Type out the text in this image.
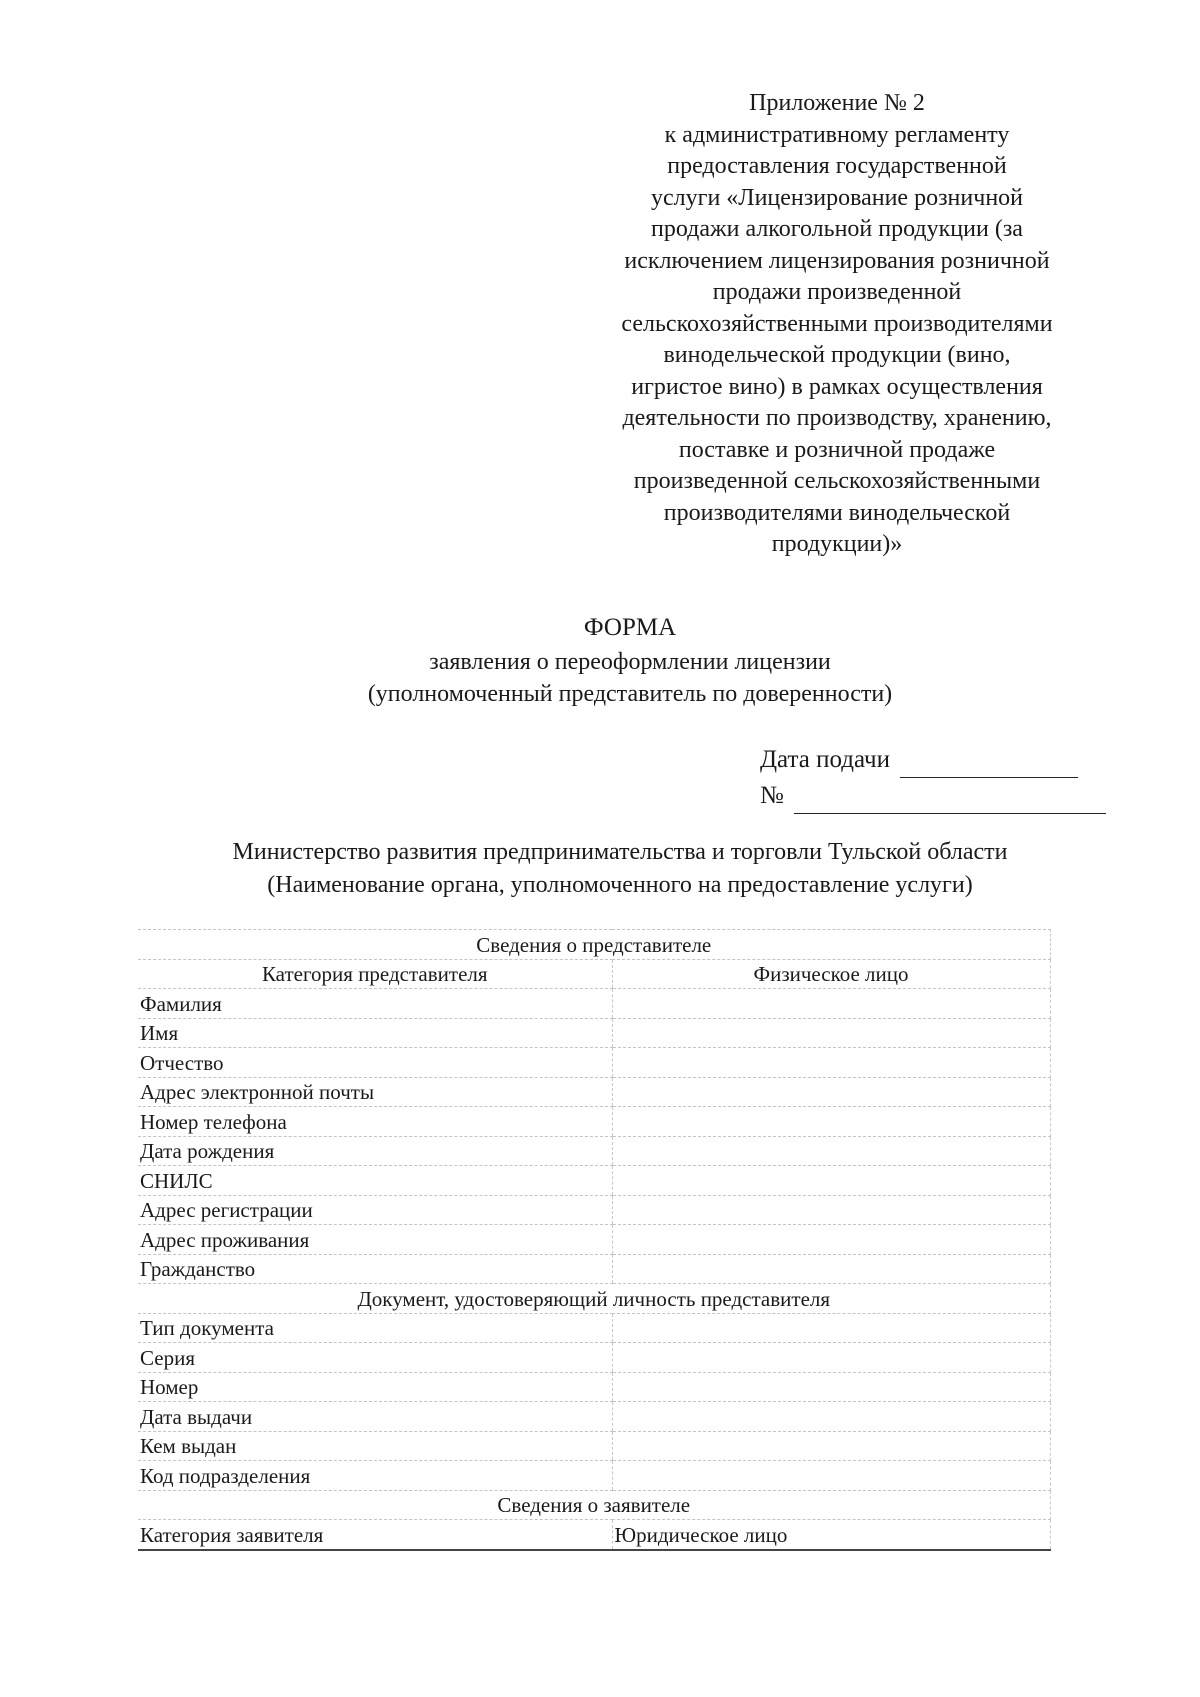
Приложение № 2
к административному регламенту
предоставления государственной
услуги «Лицензирование розничной
продажи алкогольной продукции (за
исключением лицензирования розничной
продажи произведенной
сельскохозяйственными производителями
винодельческой продукции (вино,
игристое вино) в рамках осуществления
деятельности по производству, хранению,
поставке и розничной продаже
произведенной сельскохозяйственными
производителями винодельческой
продукции)»
ФОРМА
заявления о переоформлении лицензии
(уполномоченный представитель по доверенности)
Дата подачи
№
Министерство развития предпринимательства и торговли Тульской области
(Наименование органа, уполномоченного на предоставление услуги)
Сведения о представителе	
Категория представителя	Физическое лицо
Фамилия	
Имя	
Отчество	
Адрес электронной почты	
Номер телефона	
Дата рождения	
СНИЛС	
Адрес регистрации	
Адрес проживания	
Гражданство	
Документ, удостоверяющий личность представителя	
Тип документа	
Серия	
Номер	
Дата выдачи	
Кем выдан	
Код подразделения	
Сведения о заявителе	
Категория заявителя	Юридическое лицо
